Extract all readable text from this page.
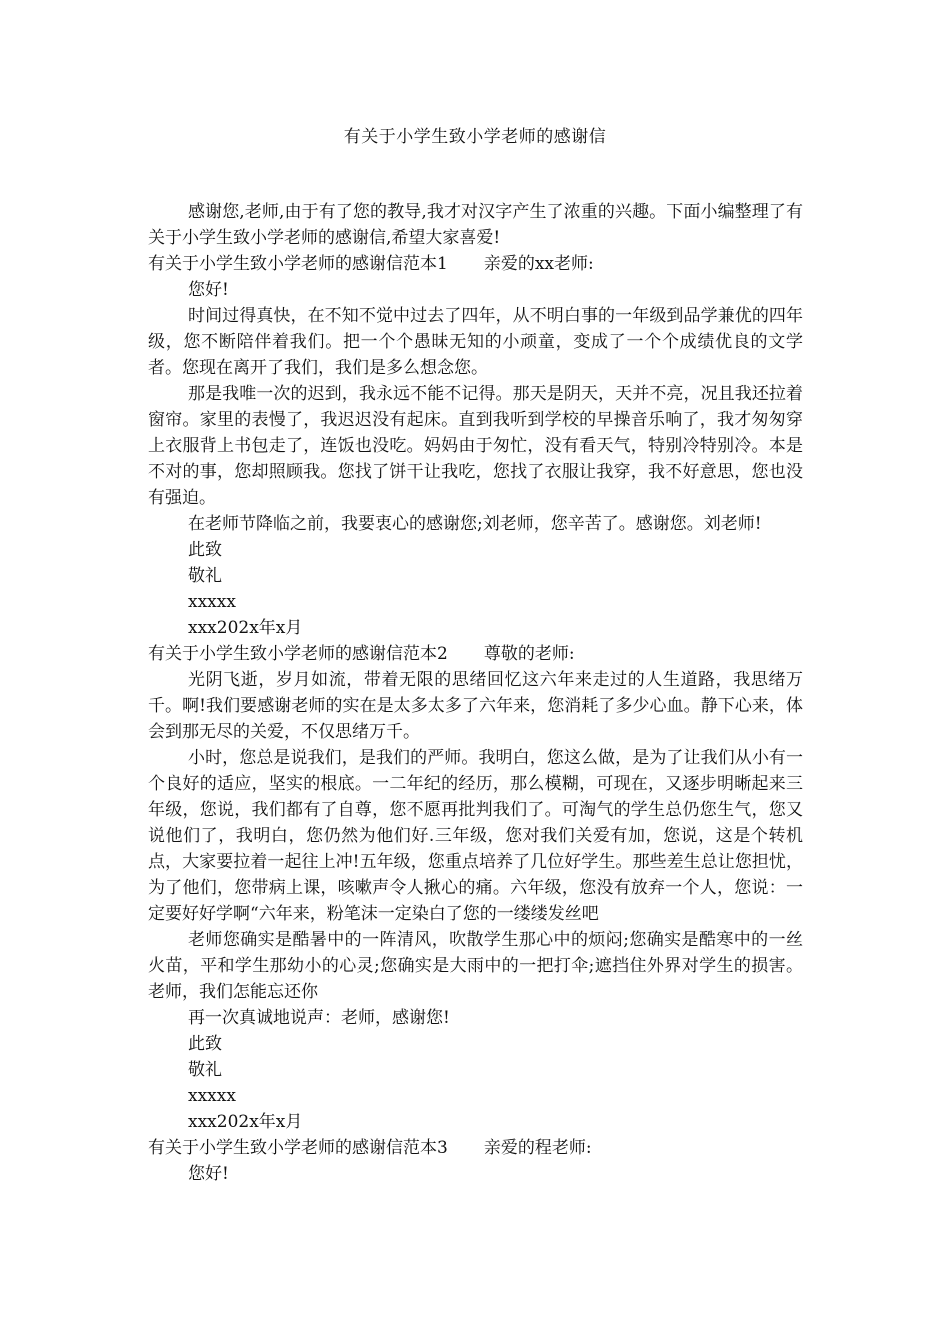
有关于小学生致小学老师的感谢信

感谢您,老师,由于有了您的教导,我才对汉字产生了浓重的兴趣。下面小编整理了有关于小学生致小学老师的感谢信,希望大家喜爱!

有关于小学生致小学老师的感谢信范本1 亲爱的xx老师:

您好!

时间过得真快，在不知不觉中过去了四年，从不明白事的一年级到品学兼优的四年级，您不断陪伴着我们。把一个个愚昧无知的小顽童，变成了一个个成绩优良的文学者。您现在离开了我们，我们是多么想念您。

那是我唯一次的迟到，我永远不能不记得。那天是阴天，天并不亮，况且我还拉着窗帘。家里的表慢了，我迟迟没有起床。直到我听到学校的早操音乐响了，我才匆匆穿上衣服背上书包走了，连饭也没吃。妈妈由于匆忙，没有看天气，特别冷特别冷。本是不对的事，您却照顾我。您找了饼干让我吃，您找了衣服让我穿，我不好意思，您也没有强迫。

在老师节降临之前，我要衷心的感谢您;刘老师，您辛苦了。感谢您。刘老师!

此致

敬礼

xxxxx

xxx202x年x月

有关于小学生致小学老师的感谢信范本2 尊敬的老师:

光阴飞逝，岁月如流，带着无限的思绪回忆这六年来走过的人生道路，我思绪万千。啊!我们要感谢老师的实在是太多太多了六年来，您消耗了多少心血。静下心来，体会到那无尽的关爱，不仅思绪万千。

小时，您总是说我们，是我们的严师。我明白，您这么做，是为了让我们从小有一个良好的适应，坚实的根底。一二年纪的经历，那么模糊，可现在，又逐步明晰起来三年级，您说，我们都有了自尊，您不愿再批判我们了。可淘气的学生总仍您生气，您又说他们了，我明白，您仍然为他们好.三年级，您对我们关爱有加，您说，这是个转机点，大家要拉着一起往上冲!五年级，您重点培养了几位好学生。那些差生总让您担忧，为了他们，您带病上课，咳嗽声令人揪心的痛。六年级，您没有放弃一个人，您说：一定要好好学啊“六年来，粉笔沫一定染白了您的一缕缕发丝吧

老师您确实是酷暑中的一阵清风，吹散学生那心中的烦闷;您确实是酷寒中的一丝火苗，平和学生那幼小的心灵;您确实是大雨中的一把打伞;遮挡住外界对学生的损害。老师，我们怎能忘还你

再一次真诚地说声：老师，感谢您!

此致

敬礼

xxxxx

xxx202x年x月

有关于小学生致小学老师的感谢信范本3 亲爱的程老师:

您好!
